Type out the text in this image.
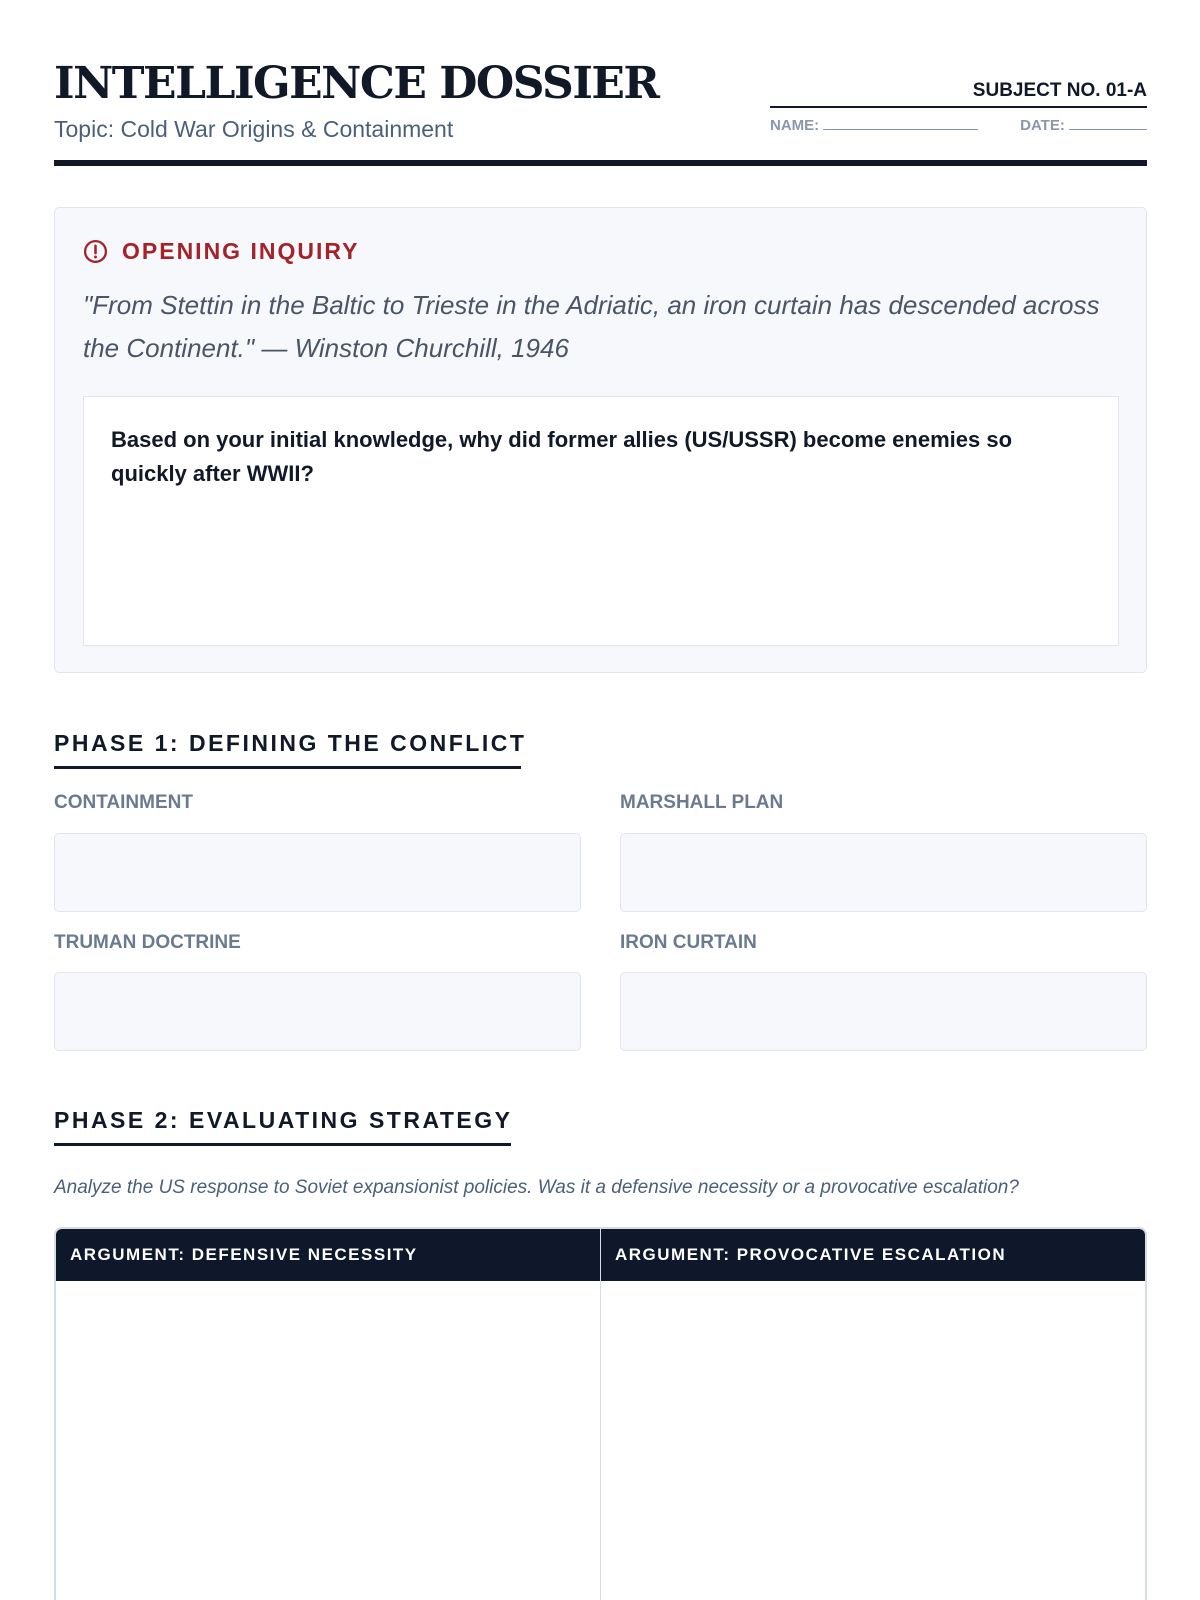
INTELLIGENCE DOSSIER
Topic: Cold War Origins & Containment
SUBJECT NO. 01-A
NAME:	DATE:
OPENING INQUIRY
"From Stettin in the Baltic to Trieste in the Adriatic, an iron curtain has descended across the Continent." — Winston Churchill, 1946
Based on your initial knowledge, why did former allies (US/USSR) become enemies so quickly after WWII?
PHASE 1: DEFINING THE CONFLICT
CONTAINMENT	MARSHALL PLAN
TRUMAN DOCTRINE	IRON CURTAIN
PHASE 2: EVALUATING STRATEGY
Analyze the US response to Soviet expansionist policies. Was it a defensive necessity or a provocative escalation?
ARGUMENT: DEFENSIVE NECESSITY	ARGUMENT: PROVOCATIVE ESCALATION
